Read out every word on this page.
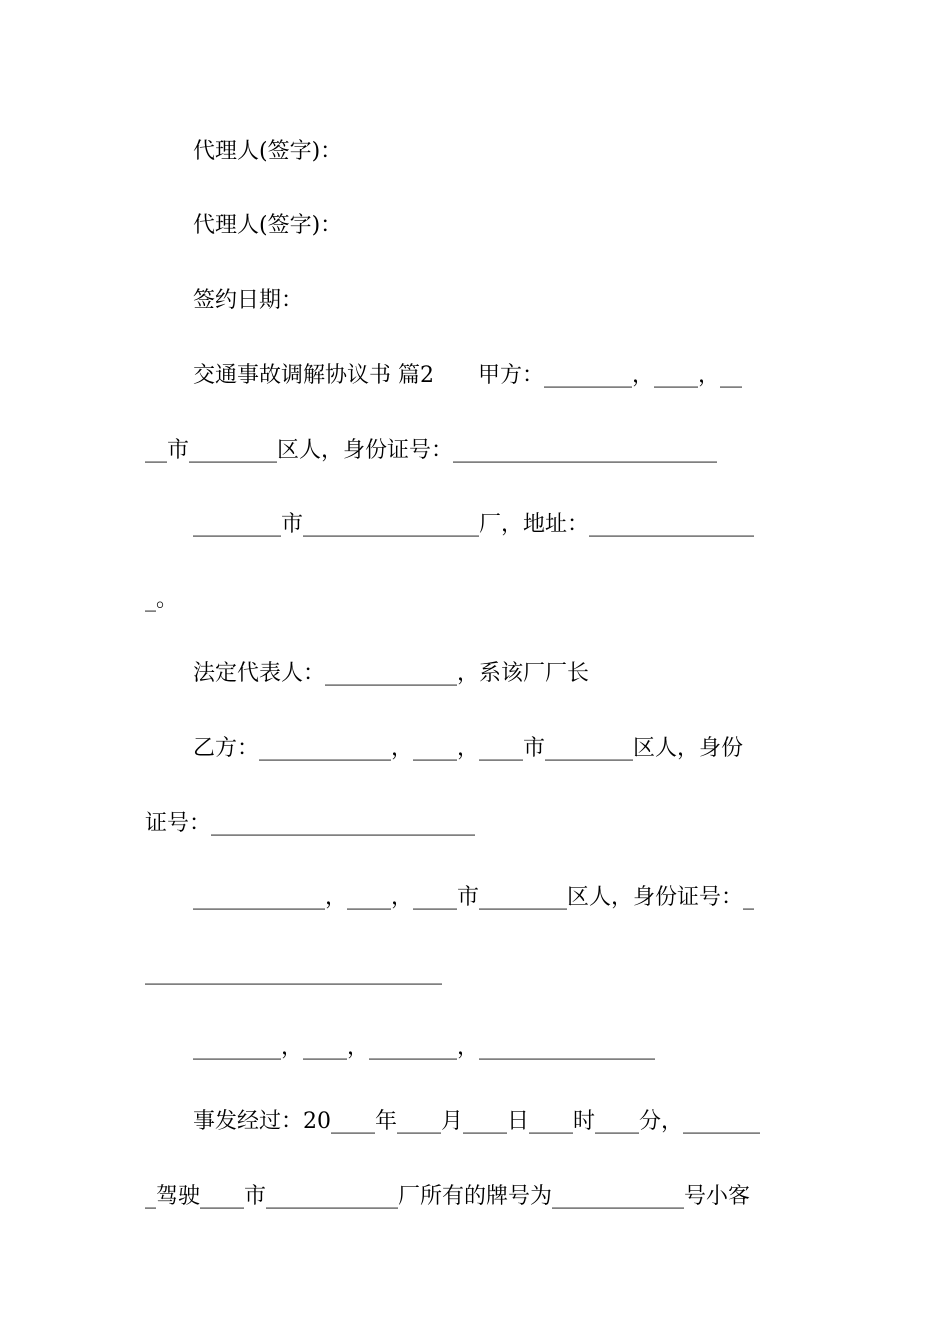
代理人(签字)：
代理人(签字)：
签约日期：
交通事故调解协议书 篇2　　甲方：________，____，__
__市________区人，身份证号：________________________
________市________________厂，地址：_______________
_。
法定代表人：____________，系该厂厂长
乙方：____________，____，____市________区人，身份
证号：________________________
____________，____，____市________区人，身份证号：_
___________________________
________，____，________，________________
事发经过：20____年____月____日____时____分，_______
_驾驶____市____________厂所有的牌号为____________号小客
